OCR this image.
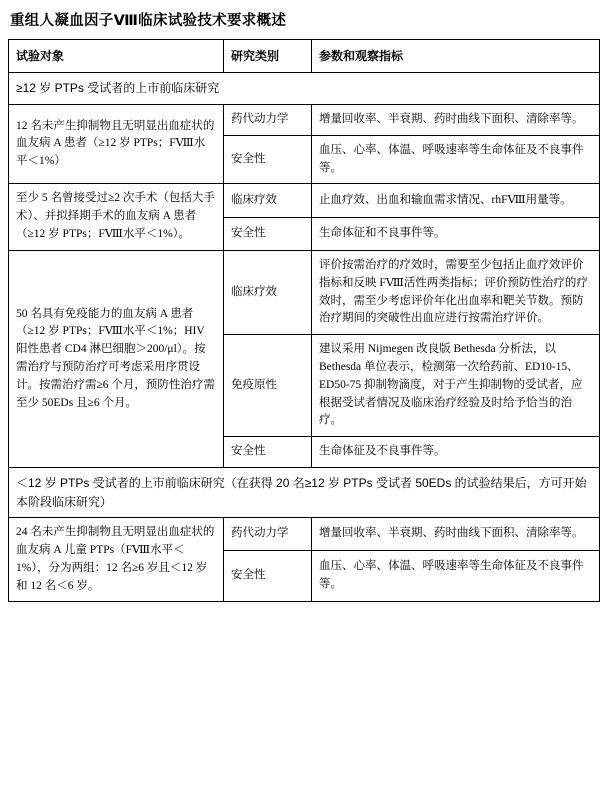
重组人凝血因子Ⅷ临床试验技术要求概述
试验对象	研究类别	参数和观察指标
≥12 岁 PTPs 受试者的上市前临床研究		
12 名未产生抑制物且无明显出血症状的血友病 A 患者（≥12 岁 PTPs；FⅧ水平＜1%）	药代动力学	增量回收率、半衰期、药时曲线下面积、清除率等。
	安全性	血压、心率、体温、呼吸速率等生命体征及不良事件等。
至少 5 名曾接受过≥2 次手术（包括大手术）、并拟择期手术的血友病 A 患者（≥12 岁 PTPs；FⅧ水平＜1%）。	临床疗效	止血疗效、出血和输血需求情况、rhFⅧ用量等。
	安全性	生命体征和不良事件等。
50 名具有免疫能力的血友病 A 患者（≥12 岁 PTPs；FⅧ水平＜1%；HIV 阳性患者 CD4 淋巴细胞＞200/μl）。按需治疗与预防治疗可考虑采用序贯设计。按需治疗需≥6 个月，预防性治疗需至少 50EDs 且≥6 个月。	临床疗效	评价按需治疗的疗效时，需要至少包括止血疗效评价指标和反映 FⅧ活性两类指标；评价预防性治疗的疗效时，需至少考虑评价年化出血率和靶关节数。预防治疗期间的突破性出血应进行按需治疗评价。
	免疫原性	建议采用 Nijmegen 改良版 Bethesda 分析法，以 Bethesda 单位表示，检测第一次给药前、ED10-15、ED50-75 抑制物滴度，对于产生抑制物的受试者，应根据受试者情况及临床治疗经验及时给予恰当的治疗。
	安全性	生命体征及不良事件等。
＜12 岁 PTPs 受试者的上市前临床研究（在获得 20 名≥12 岁 PTPs 受试者 50EDs 的试验结果后，方可开始本阶段临床研究）		
24 名未产生抑制物且无明显出血症状的血友病 A 儿童 PTPs（FⅧ水平＜1%），分为两组：12 名≥6 岁且＜12 岁和 12 名＜6 岁。	药代动力学	增量回收率、半衰期、药时曲线下面积、清除率等。
	安全性	血压、心率、体温、呼吸速率等生命体征及不良事件等。
